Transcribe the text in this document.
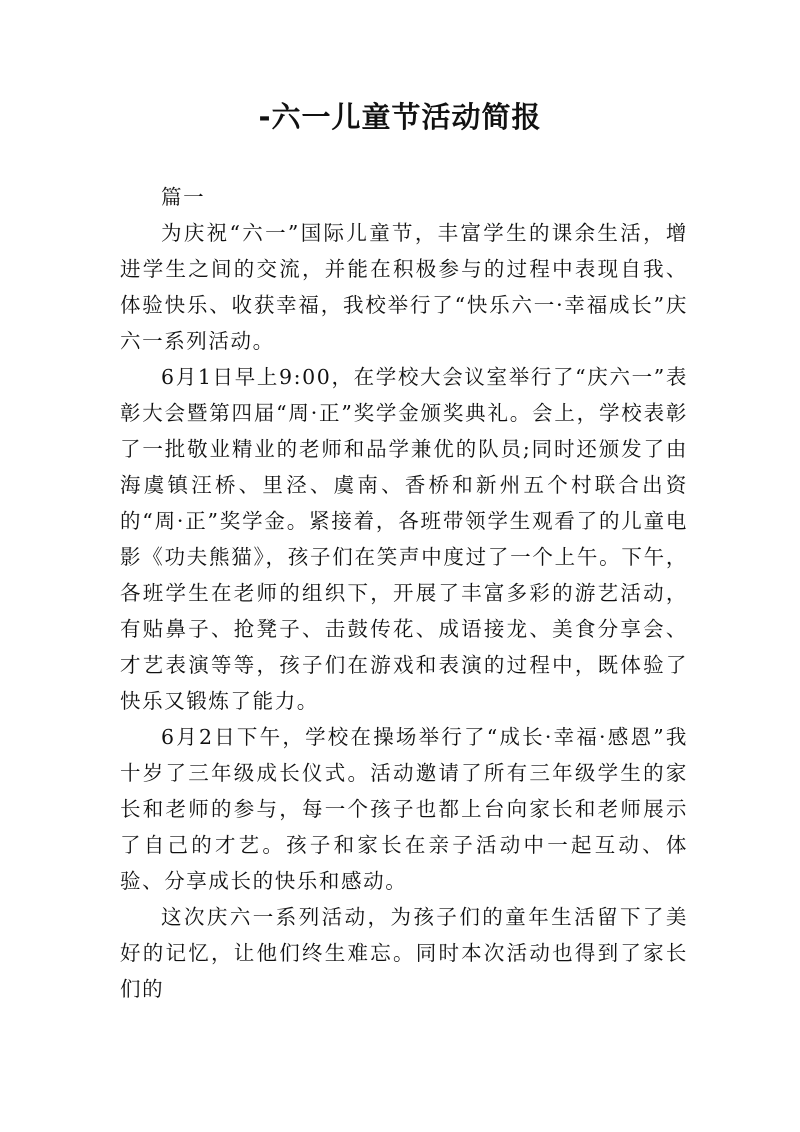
-六一儿童节活动简报

篇一

为庆祝“六一”国际儿童节，丰富学生的课余生活，增进学生之间的交流，并能在积极参与的过程中表现自我、体验快乐、收获幸福，我校举行了“快乐六一·幸福成长”庆六一系列活动。

6月1日早上9:00，在学校大会议室举行了“庆六一”表彰大会暨第四届“周·正”奖学金颁奖典礼。会上，学校表彰了一批敬业精业的老师和品学兼优的队员;同时还颁发了由海虞镇汪桥、里泾、虞南、香桥和新州五个村联合出资的“周·正”奖学金。紧接着，各班带领学生观看了的儿童电影《功夫熊猫》，孩子们在笑声中度过了一个上午。下午，各班学生在老师的组织下，开展了丰富多彩的游艺活动，有贴鼻子、抢凳子、击鼓传花、成语接龙、美食分享会、才艺表演等等，孩子们在游戏和表演的过程中，既体验了快乐又锻炼了能力。

6月2日下午，学校在操场举行了“成长·幸福·感恩”我十岁了三年级成长仪式。活动邀请了所有三年级学生的家长和老师的参与，每一个孩子也都上台向家长和老师展示了自己的才艺。孩子和家长在亲子活动中一起互动、体验、分享成长的快乐和感动。

这次庆六一系列活动，为孩子们的童年生活留下了美好的记忆，让他们终生难忘。同时本次活动也得到了家长们的
